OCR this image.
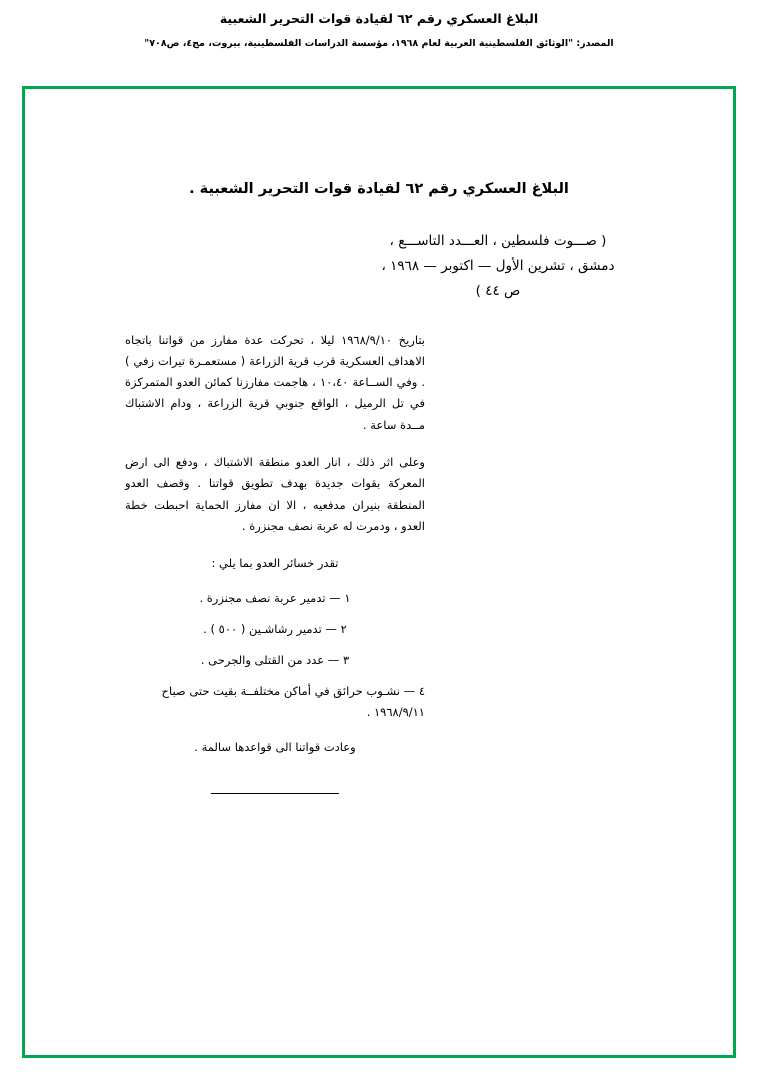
البلاغ العسكري رقم ٦٢ لقيادة قوات التحرير الشعبية
المصدر: "الوثائق الفلسطينية العربية لعام ١٩٦٨، مؤسسة الدراسات الفلسطينية، بيروت، مج٤، ص٧٠٨"
البلاغ العسكري رقم ٦٢ لقيادة قوات التحرير الشعبية .
( صـــوت فلسطين ، العـــدد التاســـع ،
دمشق ، تشرين الأول — اكتوبر — ١٩٦٨ ،
ص ٤٤ )

بتاريخ ١٩٦٨/٩/١٠ ليلا ، تحركت عدة مفارز من قواتنا باتجاه الاهداف العسكرية قرب قرية الزراعة ( مستعمـرة تيرات زفي ) . وفي الســاعة ١٠،٤٠ ، هاجمت مفارزنا كمائن العدو المتمركزة في تل الرميل ، الواقع جنوبي قرية الزراعة ، ودام الاشتباك مــدة ساعة .

وعلى اثر ذلك ، انار العدو منطقة الاشتباك ، ودفع الى ارض المعركة بقوات جديدة بهدف تطويق قواتنا . وقصف العدو المنطقة بنيران مدفعيه ، الا ان مفارز الحماية احبطت خطة العدو ، ودمرت له عربة نصف مجنزرة .

تقدر خسائر العدو بما يلي :

١ — تدمير عربة نصف مجنزرة .
٢ — تدمير رشاشـين ( ٥٠٠ ) .
٣ — عدد من القتلى والجرحى .
٤ — نشـوب حرائق في أماكن مختلفــة بقيت حتى صباح ١٩٦٨/٩/١١ .

وعادت قواتنا الى قواعدها سالمة .
